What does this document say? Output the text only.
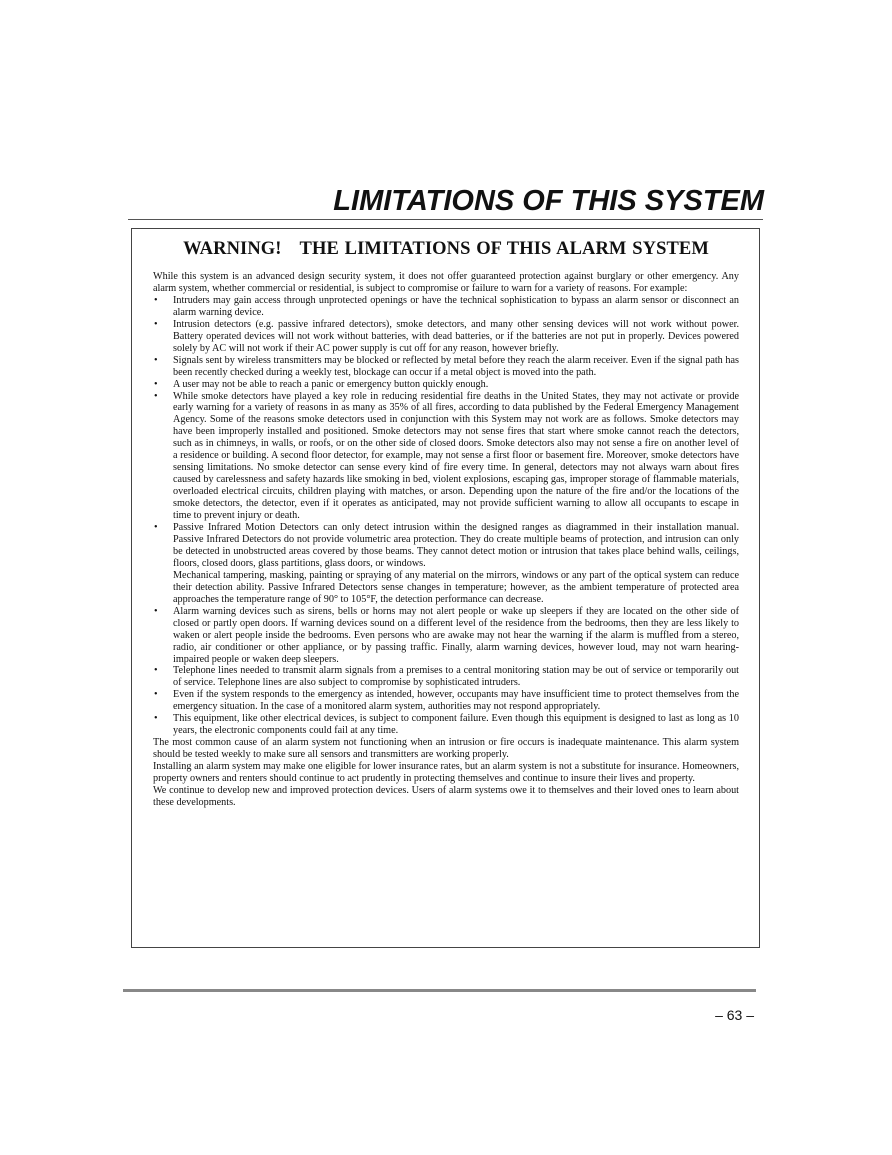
LIMITATIONS OF THIS SYSTEM
WARNING! THE LIMITATIONS OF THIS ALARM SYSTEM

While this system is an advanced design security system, it does not offer guaranteed protection against burglary or other emergency. Any alarm system, whether commercial or residential, is subject to compromise or failure to warn for a variety of reasons. For example:

• Intruders may gain access through unprotected openings or have the technical sophistication to bypass an alarm sensor or disconnect an alarm warning device.
• Intrusion detectors (e.g. passive infrared detectors), smoke detectors, and many other sensing devices will not work without power. Battery operated devices will not work without batteries, with dead batteries, or if the batteries are not put in properly. Devices powered solely by AC will not work if their AC power supply is cut off for any reason, however briefly.
• Signals sent by wireless transmitters may be blocked or reflected by metal before they reach the alarm receiver. Even if the signal path has been recently checked during a weekly test, blockage can occur if a metal object is moved into the path.
• A user may not be able to reach a panic or emergency button quickly enough.
• While smoke detectors have played a key role in reducing residential fire deaths in the United States, they may not activate or provide early warning for a variety of reasons in as many as 35% of all fires, according to data published by the Federal Emergency Management Agency. Some of the reasons smoke detectors used in conjunction with this System may not work are as follows. Smoke detectors may have been improperly installed and positioned. Smoke detectors may not sense fires that start where smoke cannot reach the detectors, such as in chimneys, in walls, or roofs, or on the other side of closed doors. Smoke detectors also may not sense a fire on another level of a residence or building. A second floor detector, for example, may not sense a first floor or basement fire. Moreover, smoke detectors have sensing limitations. No smoke detector can sense every kind of fire every time. In general, detectors may not always warn about fires caused by carelessness and safety hazards like smoking in bed, violent explosions, escaping gas, improper storage of flammable materials, overloaded electrical circuits, children playing with matches, or arson. Depending upon the nature of the fire and/or the locations of the smoke detectors, the detector, even if it operates as anticipated, may not provide sufficient warning to allow all occupants to escape in time to prevent injury or death.
• Passive Infrared Motion Detectors can only detect intrusion within the designed ranges as diagrammed in their installation manual. Passive Infrared Detectors do not provide volumetric area protection. They do create multiple beams of protection, and intrusion can only be detected in unobstructed areas covered by those beams. They cannot detect motion or intrusion that takes place behind walls, ceilings, floors, closed doors, glass partitions, glass doors, or windows.
Mechanical tampering, masking, painting or spraying of any material on the mirrors, windows or any part of the optical system can reduce their detection ability. Passive Infrared Detectors sense changes in temperature; however, as the ambient temperature of protected area approaches the temperature range of 90° to 105°F, the detection performance can decrease.
• Alarm warning devices such as sirens, bells or horns may not alert people or wake up sleepers if they are located on the other side of closed or partly open doors. If warning devices sound on a different level of the residence from the bedrooms, then they are less likely to waken or alert people inside the bedrooms. Even persons who are awake may not hear the warning if the alarm is muffled from a stereo, radio, air conditioner or other appliance, or by passing traffic. Finally, alarm warning devices, however loud, may not warn hearing-impaired people or waken deep sleepers.
• Telephone lines needed to transmit alarm signals from a premises to a central monitoring station may be out of service or temporarily out of service. Telephone lines are also subject to compromise by sophisticated intruders.
• Even if the system responds to the emergency as intended, however, occupants may have insufficient time to protect themselves from the emergency situation. In the case of a monitored alarm system, authorities may not respond appropriately.
• This equipment, like other electrical devices, is subject to component failure. Even though this equipment is designed to last as long as 10 years, the electronic components could fail at any time.

The most common cause of an alarm system not functioning when an intrusion or fire occurs is inadequate maintenance. This alarm system should be tested weekly to make sure all sensors and transmitters are working properly.

Installing an alarm system may make one eligible for lower insurance rates, but an alarm system is not a substitute for insurance. Homeowners, property owners and renters should continue to act prudently in protecting themselves and continue to insure their lives and property.

We continue to develop new and improved protection devices. Users of alarm systems owe it to themselves and their loved ones to learn about these developments.

– 63 –
